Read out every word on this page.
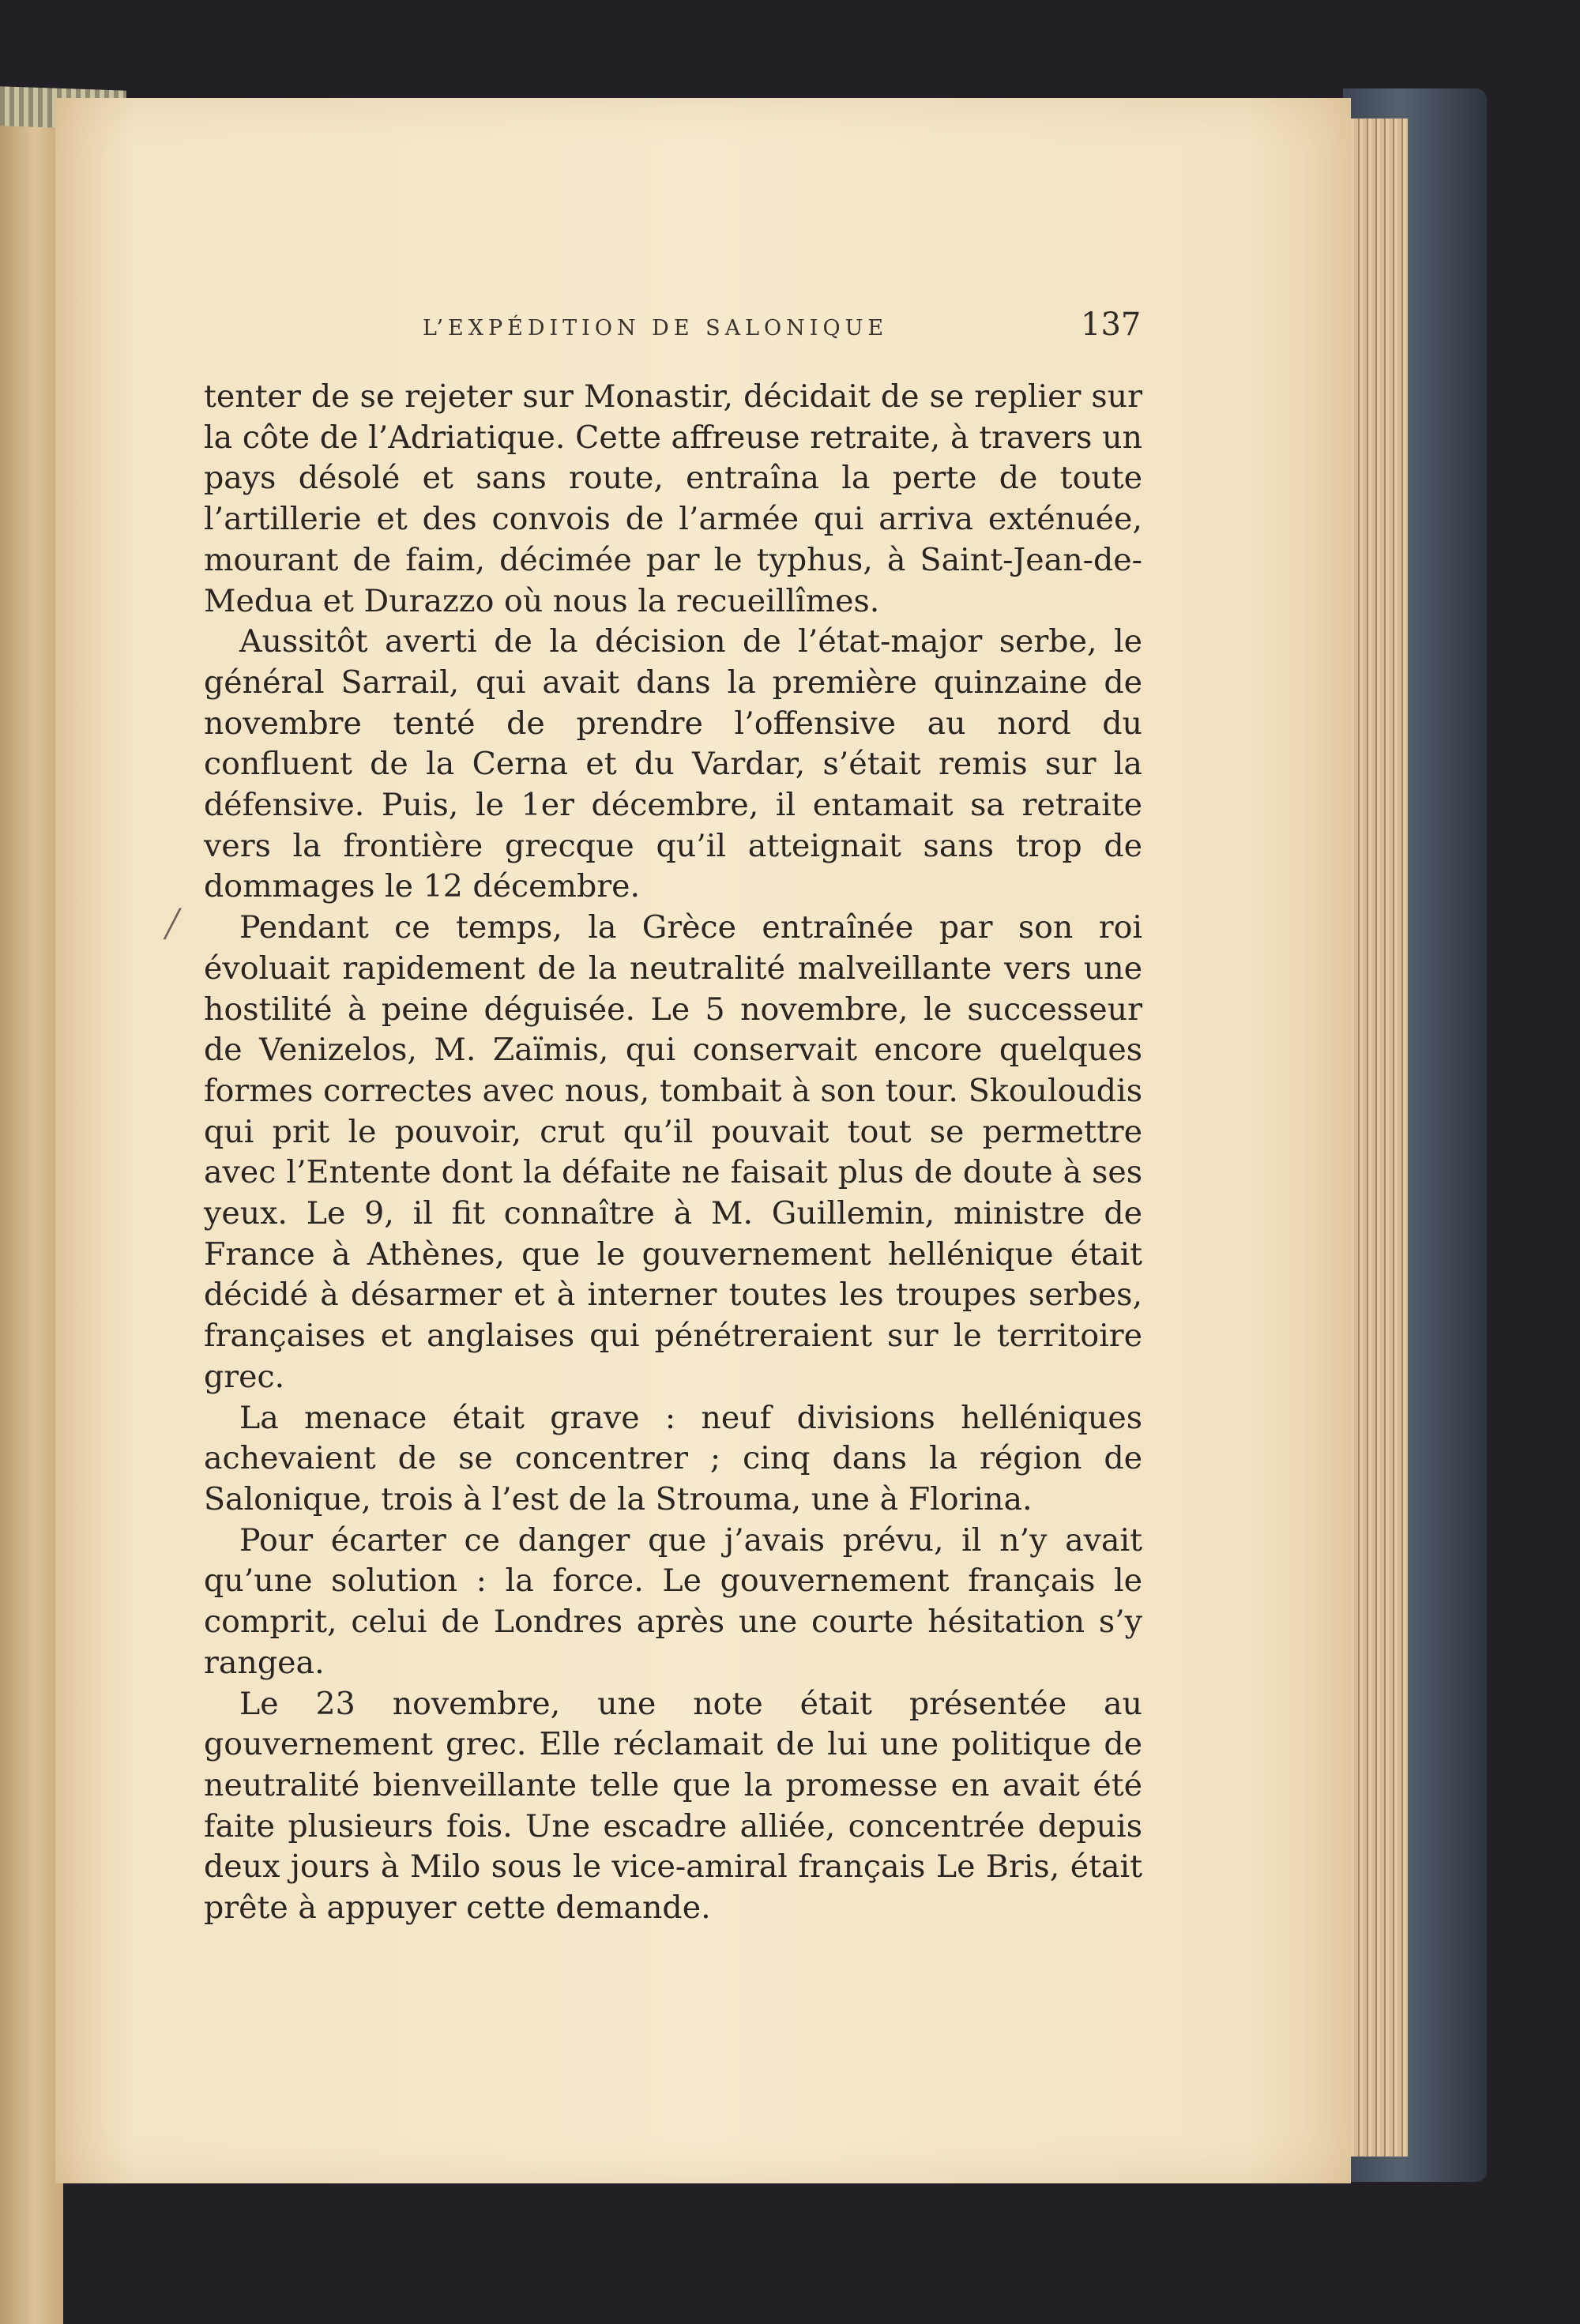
L’EXPÉDITION DE SALONIQUE	137

tenter de se rejeter sur Monastir, décidait de se replier sur la côte de l’Adriatique. Cette affreuse retraite, à travers un pays désolé et sans route, entraîna la perte de toute l’artillerie et des convois de l’armée qui arriva exténuée, mourant de faim, décimée par le typhus, à Saint-Jean-de-Medua et Durazzo où nous la recueillîmes.

Aussitôt averti de la décision de l’état-major serbe, le général Sarrail, qui avait dans la première quinzaine de novembre tenté de prendre l’offensive au nord du confluent de la Cerna et du Vardar, s’était remis sur la défensive. Puis, le 1er décembre, il entamait sa retraite vers la frontière grecque qu’il atteignait sans trop de dommages le 12 décembre.

Pendant ce temps, la Grèce entraînée par son roi évoluait rapidement de la neutralité malveillante vers une hostilité à peine déguisée. Le 5 novembre, le successeur de Venizelos, M. Zaïmis, qui conservait encore quelques formes correctes avec nous, tombait à son tour. Skouloudis qui prit le pouvoir, crut qu’il pouvait tout se permettre avec l’Entente dont la défaite ne faisait plus de doute à ses yeux. Le 9, il fit connaître à M. Guillemin, ministre de France à Athènes, que le gouvernement hellénique était décidé à désarmer et à interner toutes les troupes serbes, françaises et anglaises qui pénétreraient sur le territoire grec.

La menace était grave : neuf divisions helléniques achevaient de se concentrer ; cinq dans la région de Salonique, trois à l’est de la Strouma, une à Florina.

Pour écarter ce danger que j’avais prévu, il n’y avait qu’une solution : la force. Le gouvernement français le comprit, celui de Londres après une courte hésitation s’y rangea.

Le 23 novembre, une note était présentée au gouvernement grec. Elle réclamait de lui une politique de neutralité bienveillante telle que la promesse en avait été faite plusieurs fois. Une escadre alliée, concentrée depuis deux jours à Milo sous le vice-amiral français Le Bris, était prête à appuyer cette demande.

╱
